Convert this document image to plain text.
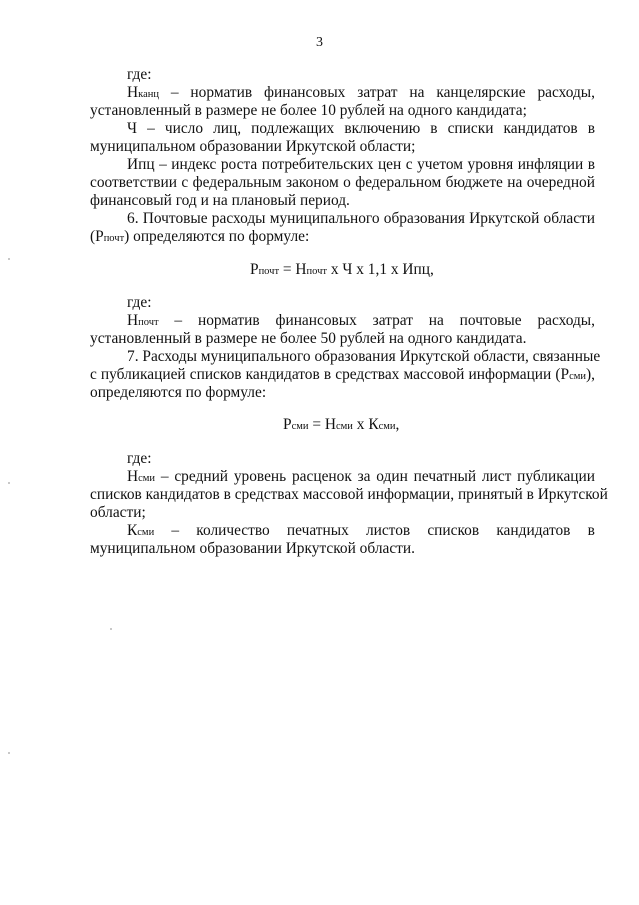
3
где:
Нканц – норматив финансовых затрат на канцелярские расходы,
установленный в размере не более 10 рублей на одного кандидата;
Ч – число лиц, подлежащих включению в списки кандидатов в
муниципальном образовании Иркутской области;
Ипц – индекс роста потребительских цен с учетом уровня инфляции в
соответствии с федеральным законом о федеральном бюджете на очередной
финансовый год и на плановый период.
6. Почтовые расходы муниципального образования Иркутской области
(Рпочт) определяются по формуле:
Рпочт = Нпочт х Ч х 1,1 х Ипц,
где:
Нпочт – норматив финансовых затрат на почтовые расходы,
установленный в размере не более 50 рублей на одного кандидата.
7. Расходы муниципального образования Иркутской области, связанные
с публикацией списков кандидатов в средствах массовой информации (Рсми),
определяются по формуле:
Рсми = Нсми х Ксми,
где:
Нсми – средний уровень расценок за один печатный лист публикации
списков кандидатов в средствах массовой информации, принятый в Иркутской
области;
Ксми – количество печатных листов списков кандидатов в
муниципальном образовании Иркутской области.
